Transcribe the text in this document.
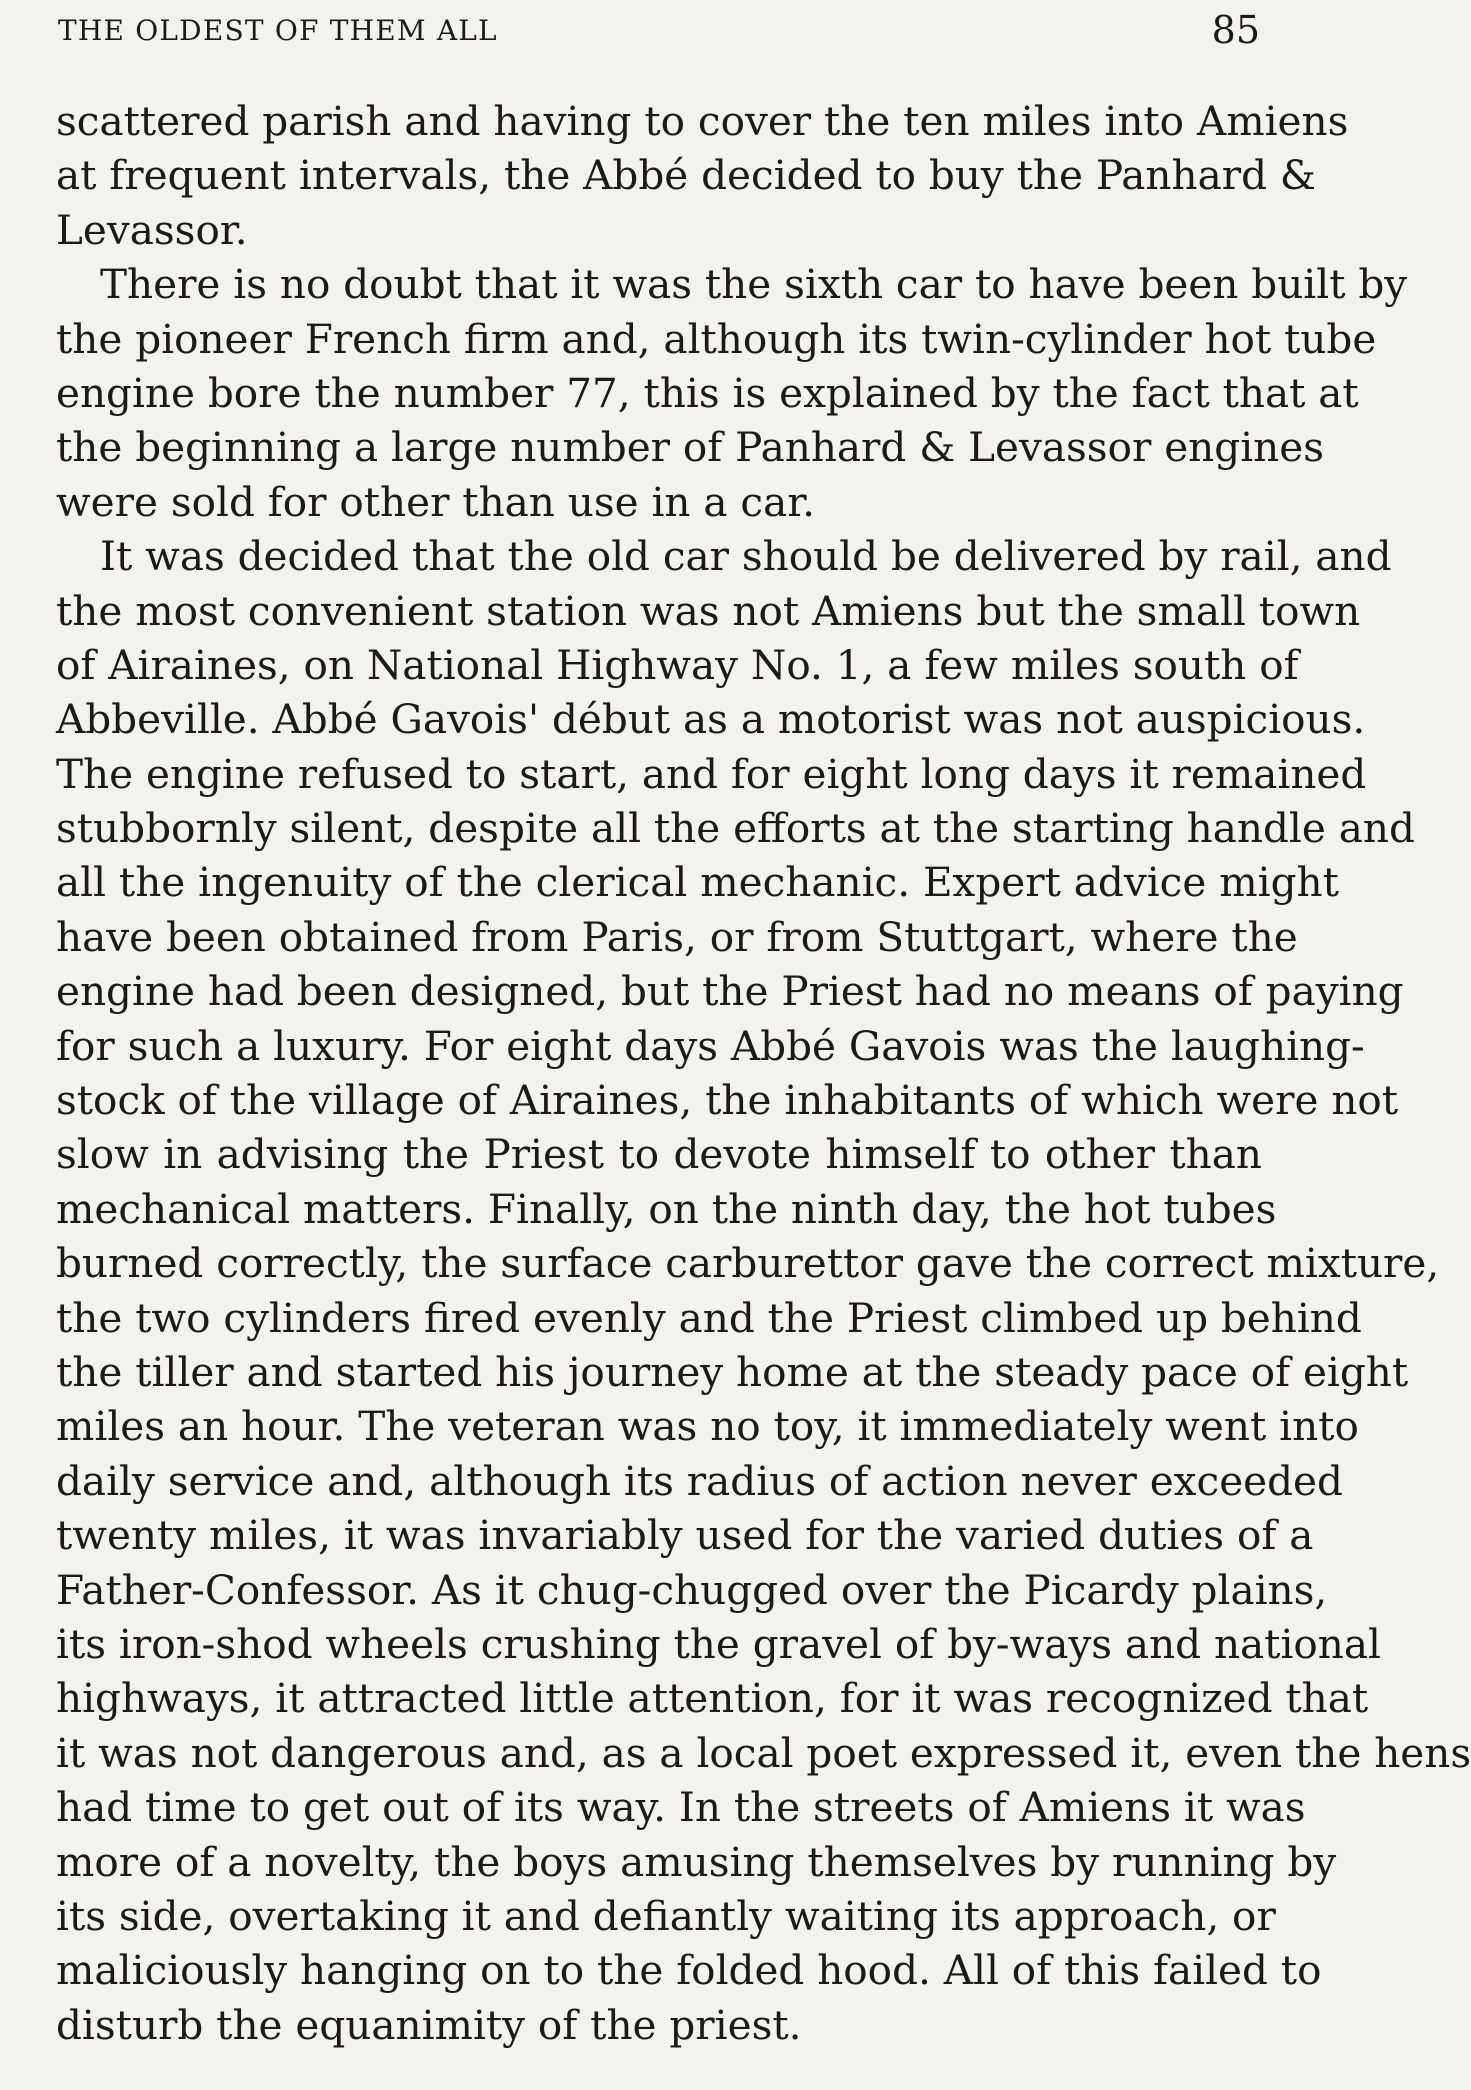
THE OLDEST OF THEM ALL	85
scattered parish and having to cover the ten miles into Amiens
at frequent intervals, the Abbé decided to buy the Panhard &
Levassor.
There is no doubt that it was the sixth car to have been built by
the pioneer French firm and, although its twin-cylinder hot tube
engine bore the number 77, this is explained by the fact that at
the beginning a large number of Panhard & Levassor engines
were sold for other than use in a car.
It was decided that the old car should be delivered by rail, and
the most convenient station was not Amiens but the small town
of Airaines, on National Highway No. 1, a few miles south of
Abbeville. Abbé Gavois' début as a motorist was not auspicious.
The engine refused to start, and for eight long days it remained
stubbornly silent, despite all the efforts at the starting handle and
all the ingenuity of the clerical mechanic. Expert advice might
have been obtained from Paris, or from Stuttgart, where the
engine had been designed, but the Priest had no means of paying
for such a luxury. For eight days Abbé Gavois was the laughing-
stock of the village of Airaines, the inhabitants of which were not
slow in advising the Priest to devote himself to other than
mechanical matters. Finally, on the ninth day, the hot tubes
burned correctly, the surface carburettor gave the correct mixture,
the two cylinders fired evenly and the Priest climbed up behind
the tiller and started his journey home at the steady pace of eight
miles an hour. The veteran was no toy, it immediately went into
daily service and, although its radius of action never exceeded
twenty miles, it was invariably used for the varied duties of a
Father-Confessor. As it chug-chugged over the Picardy plains,
its iron-shod wheels crushing the gravel of by-ways and national
highways, it attracted little attention, for it was recognized that
it was not dangerous and, as a local poet expressed it, even the hens
had time to get out of its way. In the streets of Amiens it was
more of a novelty, the boys amusing themselves by running by
its side, overtaking it and defiantly waiting its approach, or
maliciously hanging on to the folded hood. All of this failed to
disturb the equanimity of the priest.
